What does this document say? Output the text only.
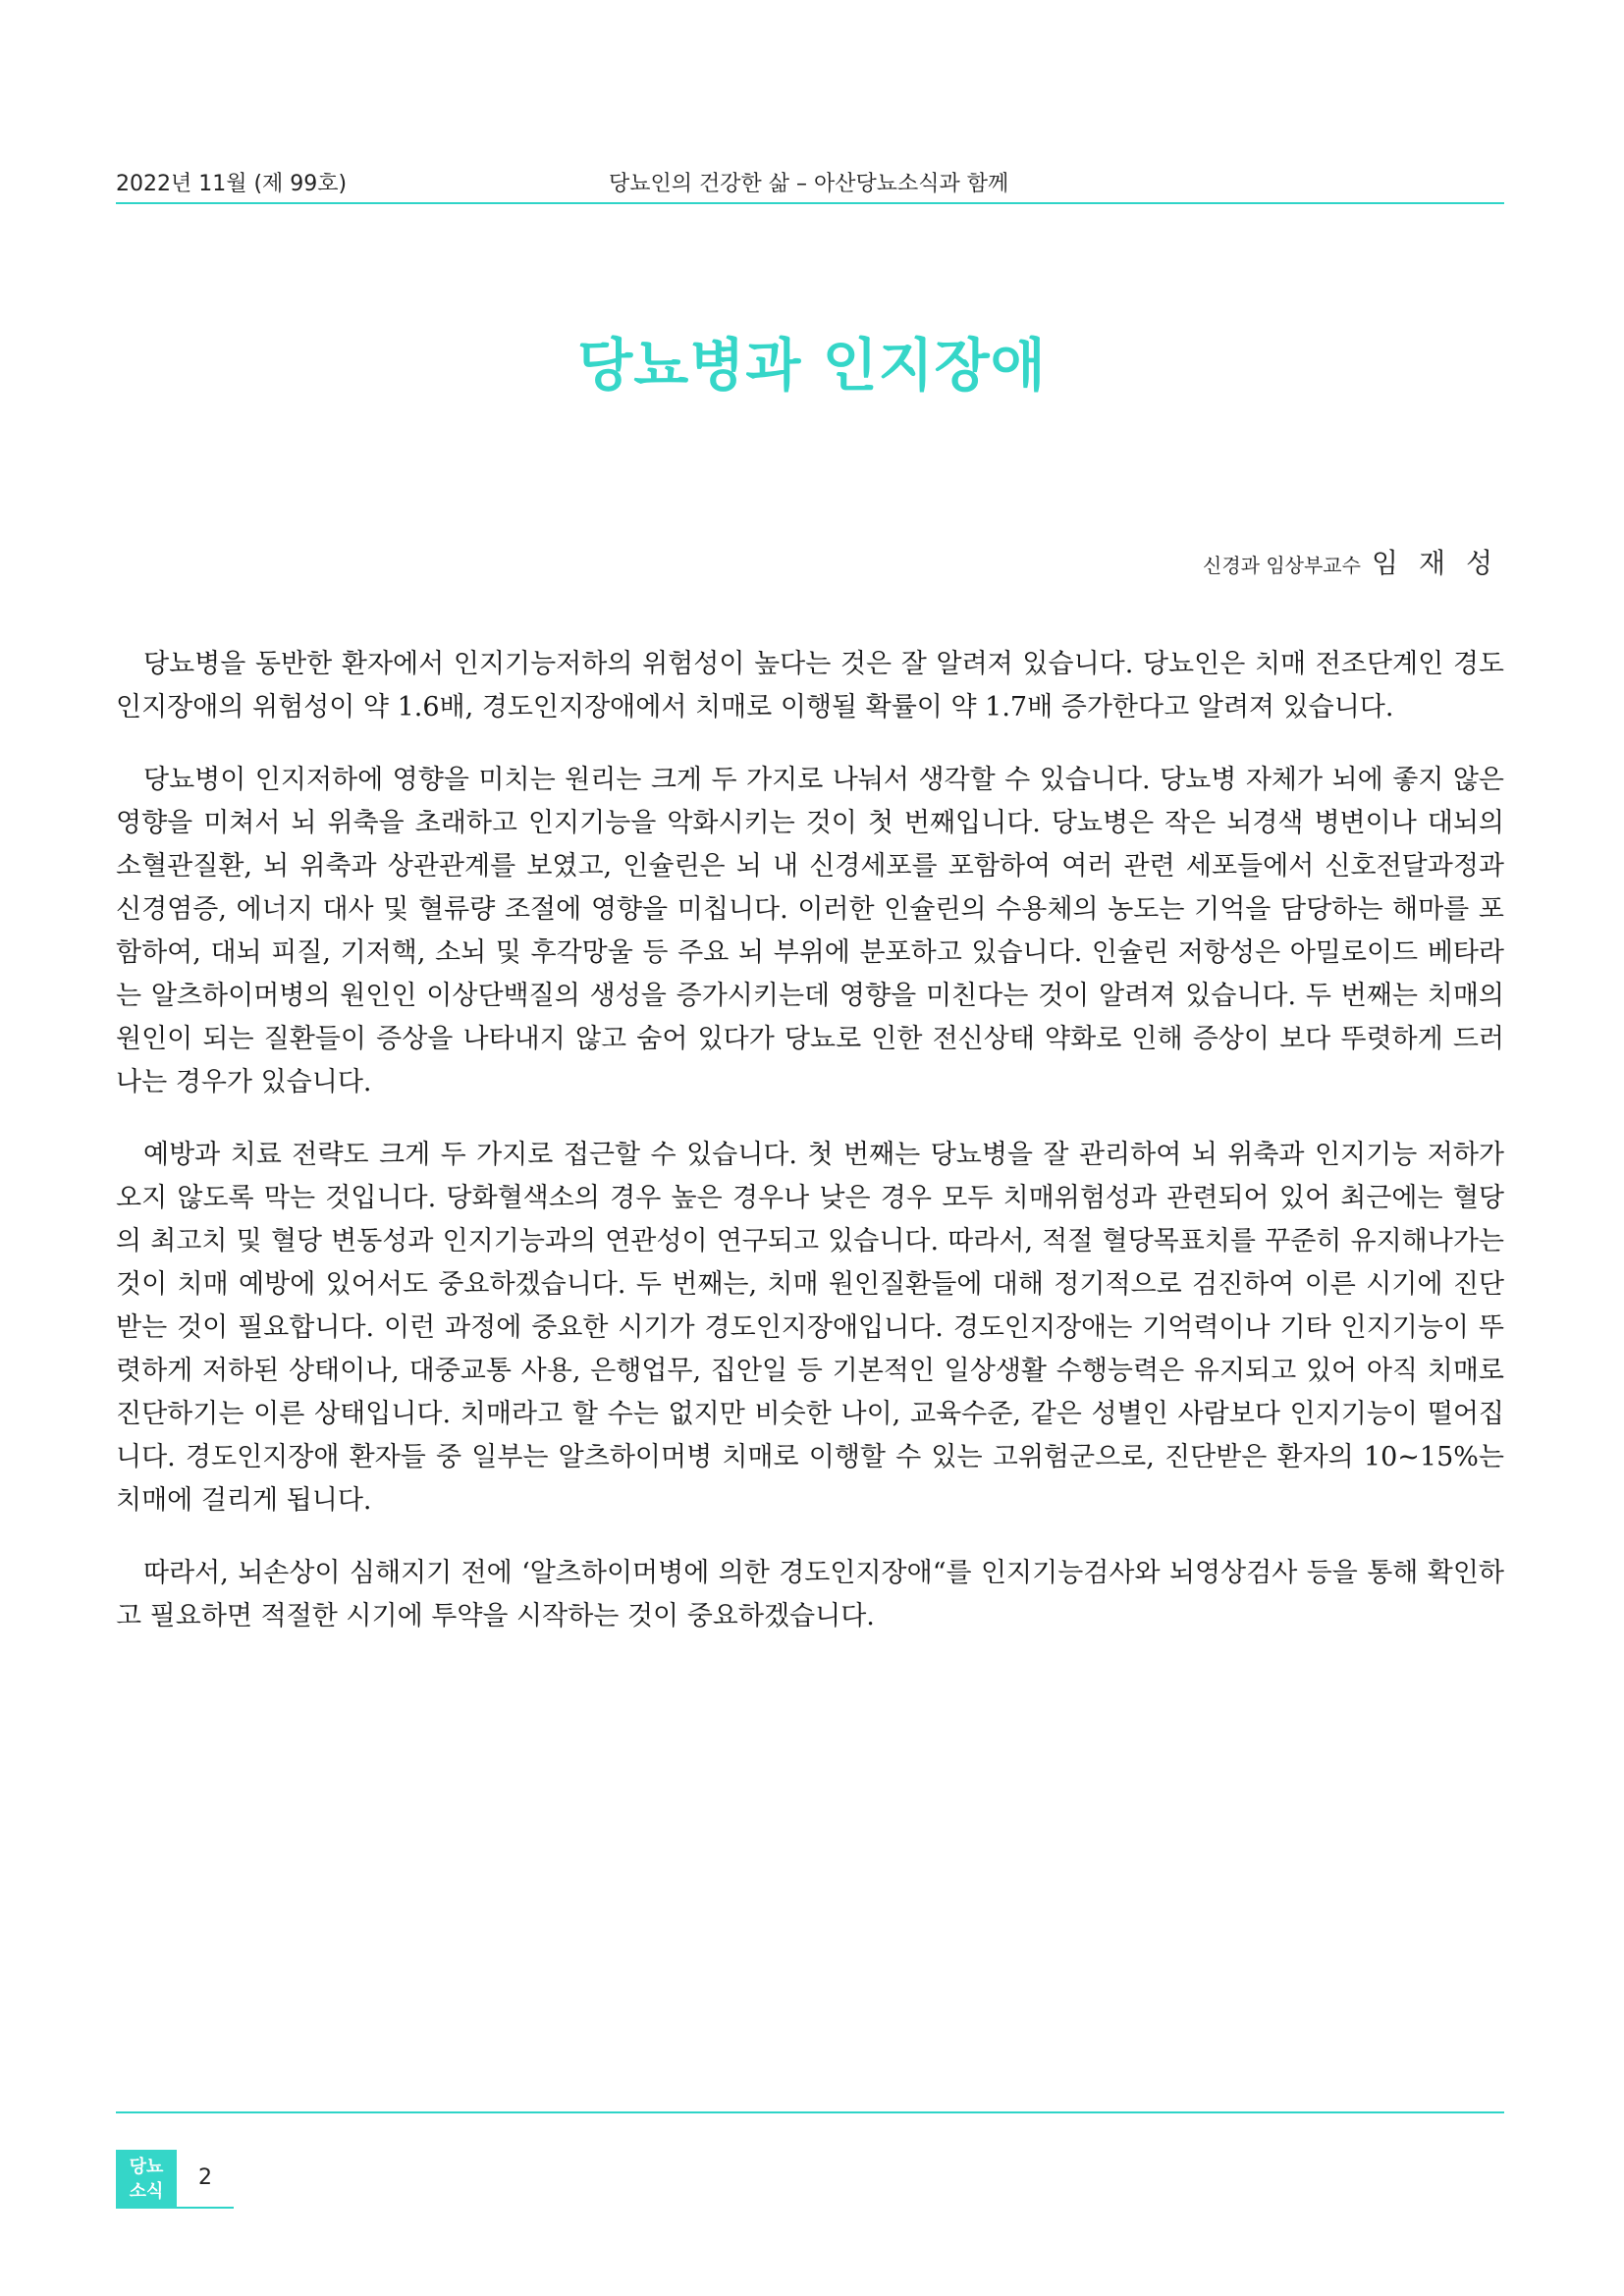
2022년 11월 (제 99호)	당뇨인의 건강한 삶 – 아산당뇨소식과 함께
당뇨병과 인지장애
신경과 임상부교수 임 재 성

당뇨병을 동반한 환자에서 인지기능저하의 위험성이 높다는 것은 잘 알려져 있습니다. 당뇨인은 치매 전조단계인 경도인지장애의 위험성이 약 1.6배, 경도인지장애에서 치매로 이행될 확률이 약 1.7배 증가한다고 알려져 있습니다.

당뇨병이 인지저하에 영향을 미치는 원리는 크게 두 가지로 나눠서 생각할 수 있습니다. 당뇨병 자체가 뇌에 좋지 않은 영향을 미쳐서 뇌 위축을 초래하고 인지기능을 악화시키는 것이 첫 번째입니다. 당뇨병은 작은 뇌경색 병변이나 대뇌의 소혈관질환, 뇌 위축과 상관관계를 보였고, 인슐린은 뇌 내 신경세포를 포함하여 여러 관련 세포들에서 신호전달과정과 신경염증, 에너지 대사 및 혈류량 조절에 영향을 미칩니다. 이러한 인슐린의 수용체의 농도는 기억을 담당하는 해마를 포함하여, 대뇌 피질, 기저핵, 소뇌 및 후각망울 등 주요 뇌 부위에 분포하고 있습니다. 인슐린 저항성은 아밀로이드 베타라는 알츠하이머병의 원인인 이상단백질의 생성을 증가시키는데 영향을 미친다는 것이 알려져 있습니다. 두 번째는 치매의 원인이 되는 질환들이 증상을 나타내지 않고 숨어 있다가 당뇨로 인한 전신상태 약화로 인해 증상이 보다 뚜렷하게 드러나는 경우가 있습니다.

예방과 치료 전략도 크게 두 가지로 접근할 수 있습니다. 첫 번째는 당뇨병을 잘 관리하여 뇌 위축과 인지기능 저하가 오지 않도록 막는 것입니다. 당화혈색소의 경우 높은 경우나 낮은 경우 모두 치매위험성과 관련되어 있어 최근에는 혈당의 최고치 및 혈당 변동성과 인지기능과의 연관성이 연구되고 있습니다. 따라서, 적절 혈당목표치를 꾸준히 유지해나가는 것이 치매 예방에 있어서도 중요하겠습니다. 두 번째는, 치매 원인질환들에 대해 정기적으로 검진하여 이른 시기에 진단받는 것이 필요합니다. 이런 과정에 중요한 시기가 경도인지장애입니다. 경도인지장애는 기억력이나 기타 인지기능이 뚜렷하게 저하된 상태이나, 대중교통 사용, 은행업무, 집안일 등 기본적인 일상생활 수행능력은 유지되고 있어 아직 치매로 진단하기는 이른 상태입니다. 치매라고 할 수는 없지만 비슷한 나이, 교육수준, 같은 성별인 사람보다 인지기능이 떨어집니다. 경도인지장애 환자들 중 일부는 알츠하이머병 치매로 이행할 수 있는 고위험군으로, 진단받은 환자의 10~15%는 치매에 걸리게 됩니다.

따라서, 뇌손상이 심해지기 전에 ‘알츠하이머병에 의한 경도인지장애“를 인지기능검사와 뇌영상검사 등을 통해 확인하고 필요하면 적절한 시기에 투약을 시작하는 것이 중요하겠습니다.

당뇨
소식
2
